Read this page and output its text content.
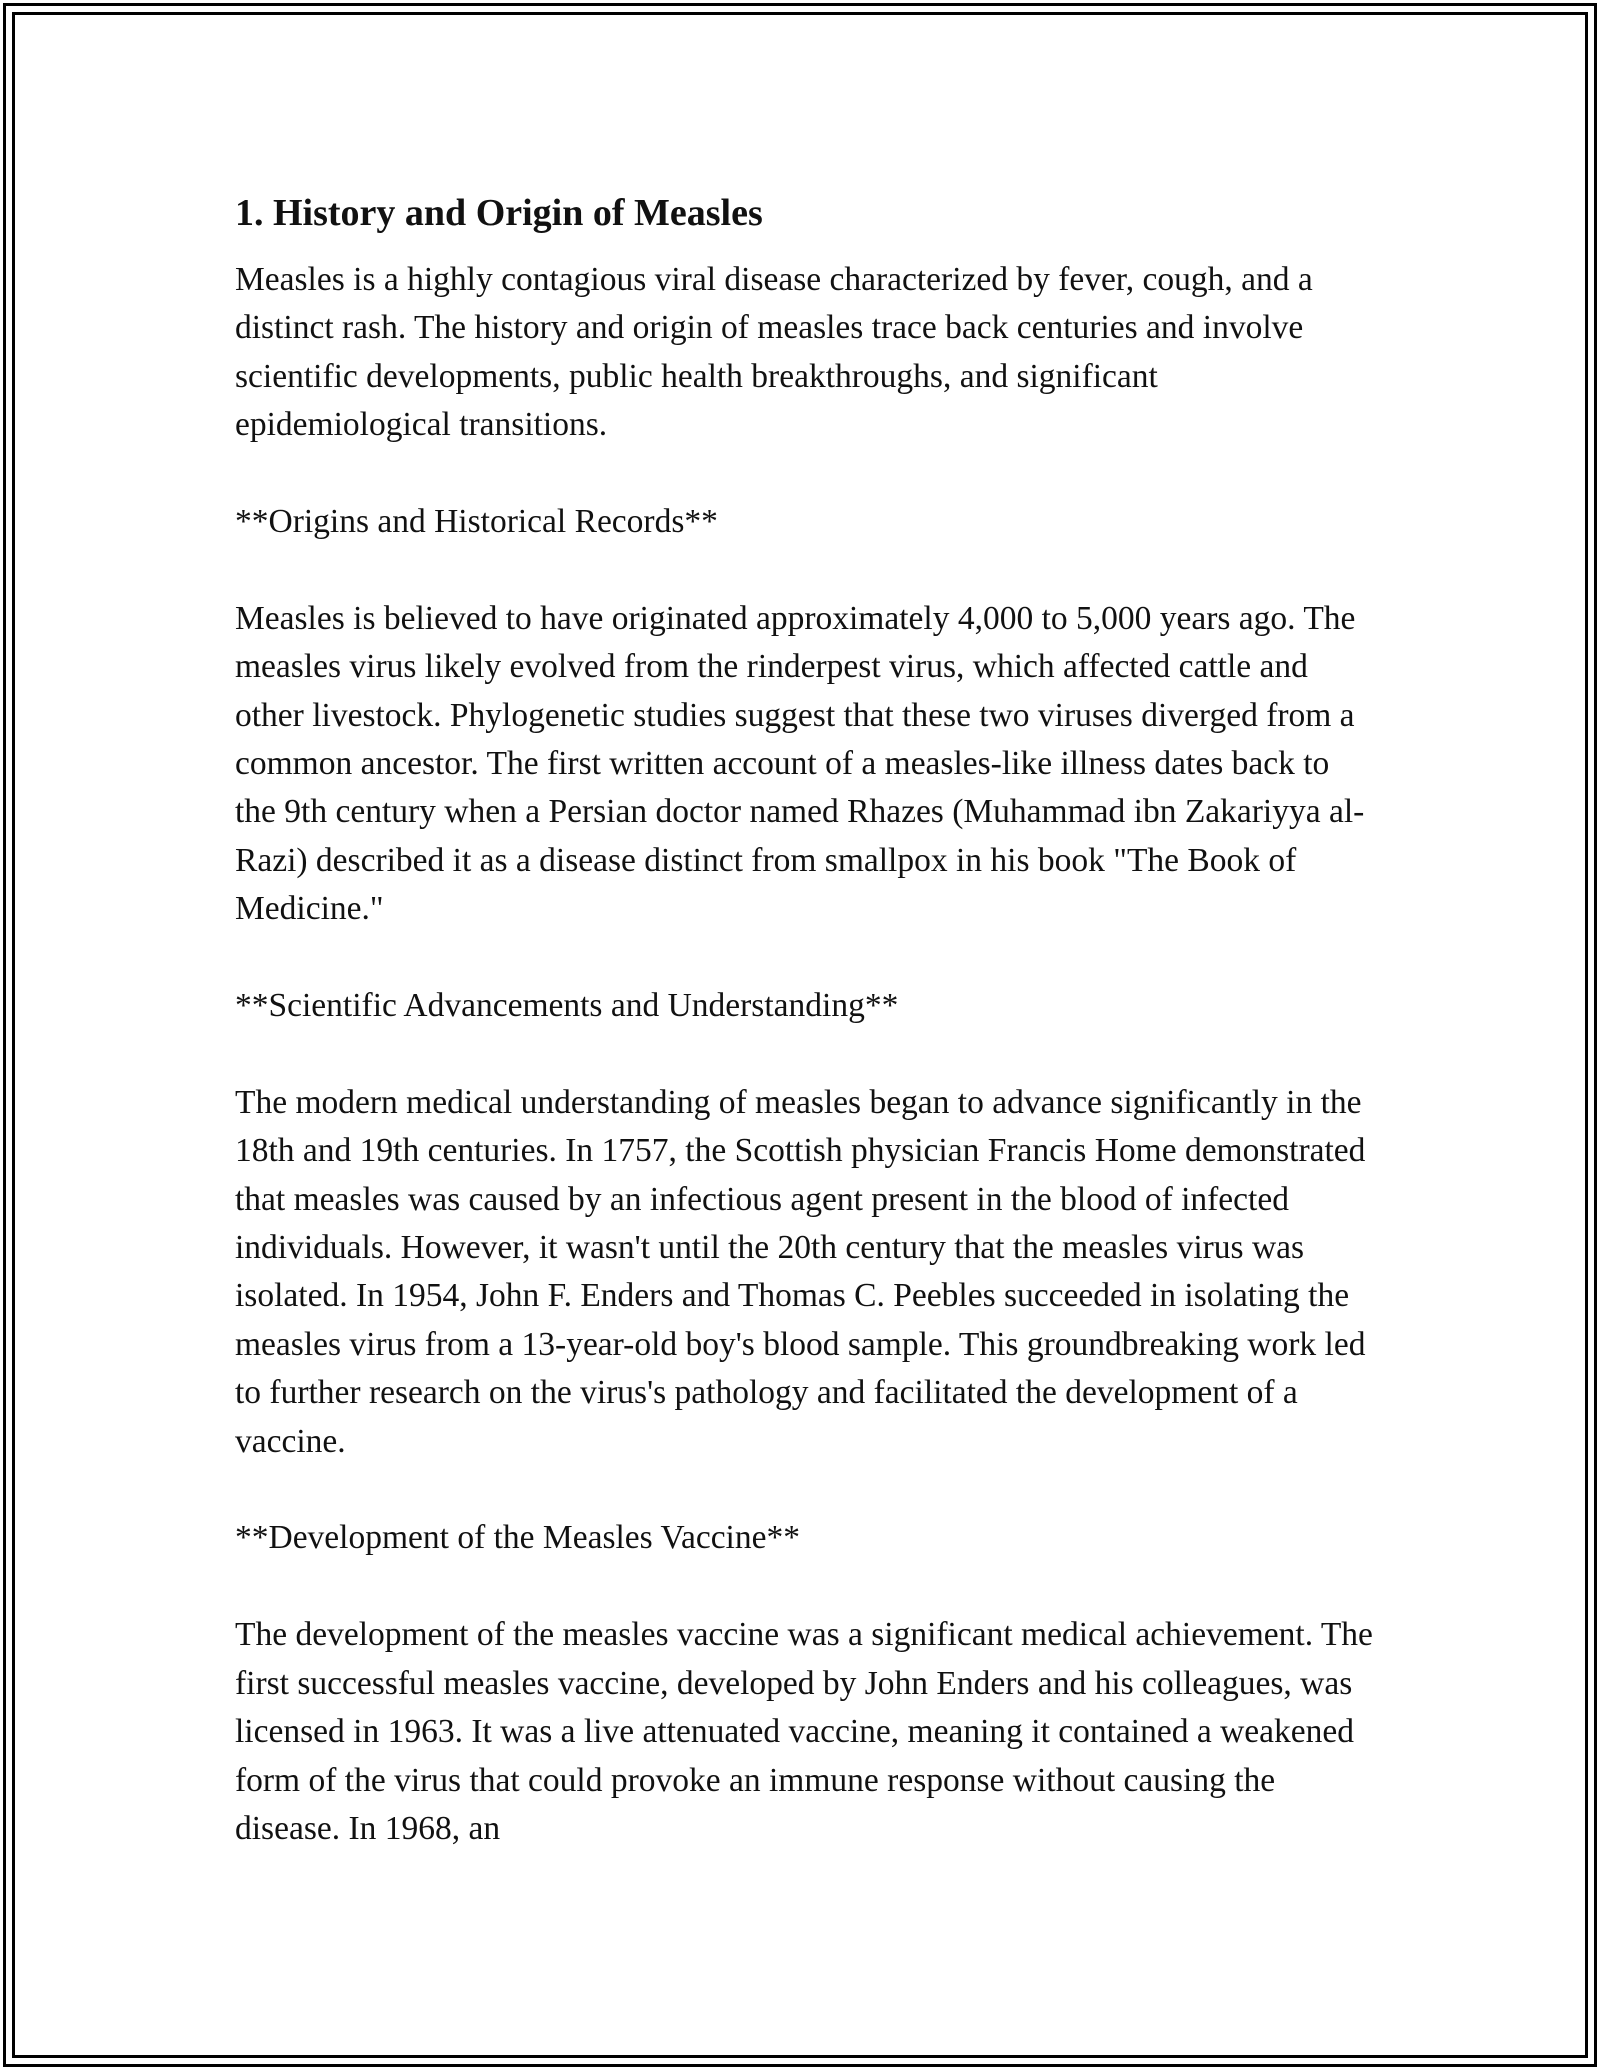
1. History and Origin of Measles

Measles is a highly contagious viral disease characterized by fever, cough, and a distinct rash. The history and origin of measles trace back centuries and involve scientific developments, public health breakthroughs, and significant epidemiological transitions.

**Origins and Historical Records**

Measles is believed to have originated approximately 4,000 to 5,000 years ago. The measles virus likely evolved from the rinderpest virus, which affected cattle and other livestock. Phylogenetic studies suggest that these two viruses diverged from a common ancestor. The first written account of a measles-like illness dates back to the 9th century when a Persian doctor named Rhazes (Muhammad ibn Zakariyya al-Razi) described it as a disease distinct from smallpox in his book "The Book of Medicine."

**Scientific Advancements and Understanding**

The modern medical understanding of measles began to advance significantly in the 18th and 19th centuries. In 1757, the Scottish physician Francis Home demonstrated that measles was caused by an infectious agent present in the blood of infected individuals. However, it wasn't until the 20th century that the measles virus was isolated. In 1954, John F. Enders and Thomas C. Peebles succeeded in isolating the measles virus from a 13-year-old boy's blood sample. This groundbreaking work led to further research on the virus's pathology and facilitated the development of a vaccine.

**Development of the Measles Vaccine**

The development of the measles vaccine was a significant medical achievement. The first successful measles vaccine, developed by John Enders and his colleagues, was licensed in 1963. It was a live attenuated vaccine, meaning it contained a weakened form of the virus that could provoke an immune response without causing the disease. In 1968, an
